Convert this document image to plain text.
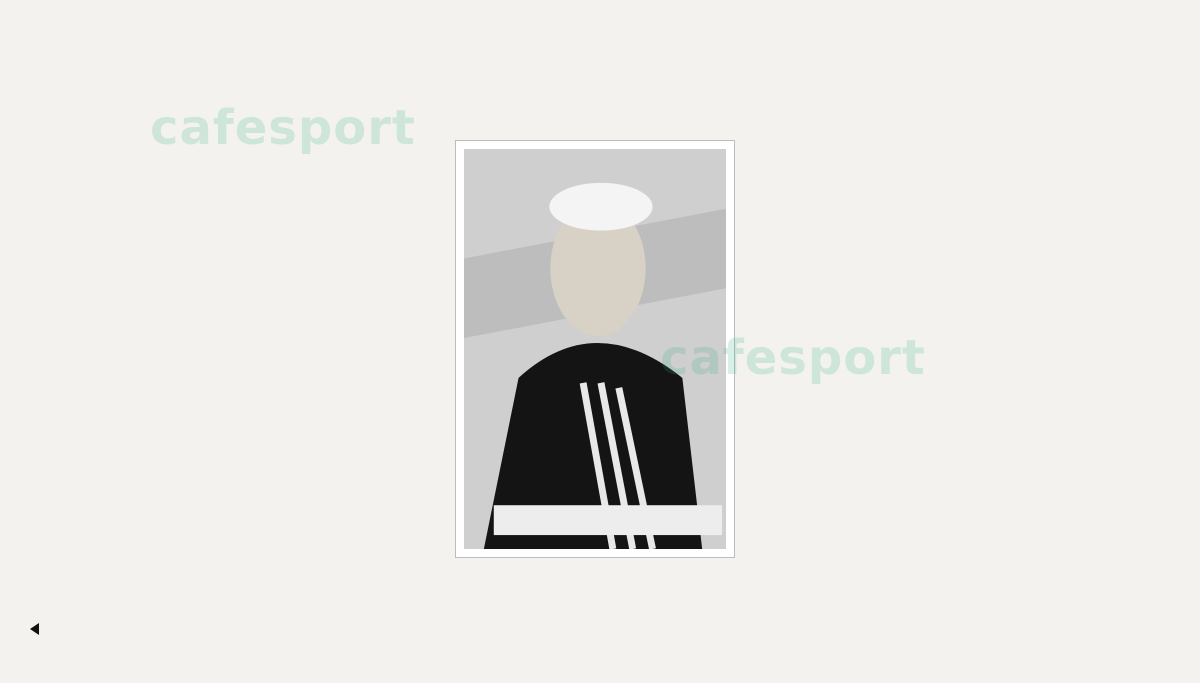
cafesport
cafesport
